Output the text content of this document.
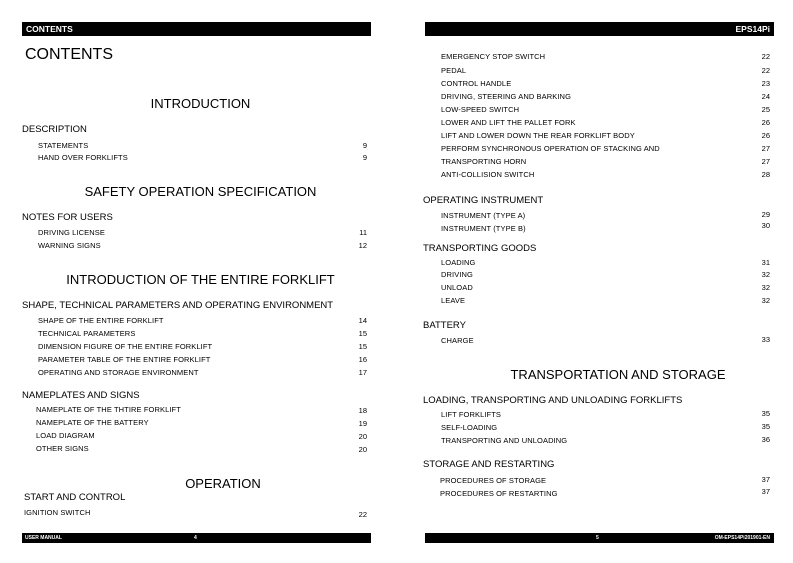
CONTENTS
CONTENTS
INTRODUCTION
DESCRIPTION
STATEMENTS	9
HAND OVER FORKLIFTS	9
SAFETY OPERATION SPECIFICATION
NOTES FOR USERS
DRIVING LICENSE	11
WARNING SIGNS	12
INTRODUCTION OF THE ENTIRE FORKLIFT
SHAPE, TECHNICAL PARAMETERS AND OPERATING ENVIRONMENT
SHAPE OF THE ENTIRE FORKLIFT	14
TECHNICAL PARAMETERS	15
DIMENSION FIGURE OF THE ENTIRE FORKLIFT	15
PARAMETER TABLE OF THE ENTIRE FORKLIFT	16
OPERATING AND STORAGE ENVIRONMENT	17
NAMEPLATES AND SIGNS
NAMEPLATE OF THE THTIRE FORKLIFT	18
NAMEPLATE OF THE BATTERY	19
LOAD DIAGRAM	20
OTHER SIGNS	20
OPERATION
START AND CONTROL
IGNITION SWITCH	22
USER MANUAL	4
EPS14Pi
EMERGENCY STOP SWITCH	22
PEDAL	22
CONTROL HANDLE	23
DRIVING, STEERING AND BARKING	24
LOW-SPEED SWITCH	25
LOWER AND LIFT THE PALLET FORK	26
LIFT AND LOWER DOWN THE REAR FORKLIFT BODY	26
PERFORM SYNCHRONOUS OPERATION OF STACKING AND	27
TRANSPORTING HORN	27
ANTI-COLLISION SWITCH	28
OPERATING INSTRUMENT
INSTRUMENT (TYPE A)	29
INSTRUMENT (TYPE B)	30
TRANSPORTING GOODS
LOADING	31
DRIVING	32
UNLOAD	32
LEAVE	32
BATTERY
CHARGE	33
TRANSPORTATION AND STORAGE
LOADING, TRANSPORTING AND UNLOADING FORKLIFTS
LIFT FORKLIFTS	35
SELF-LOADING	35
TRANSPORTING AND UNLOADING	36
STORAGE AND RESTARTING
PROCEDURES OF STORAGE	37
PROCEDURES OF RESTARTING	37
5	OM-EPS14Pi201901-EN
